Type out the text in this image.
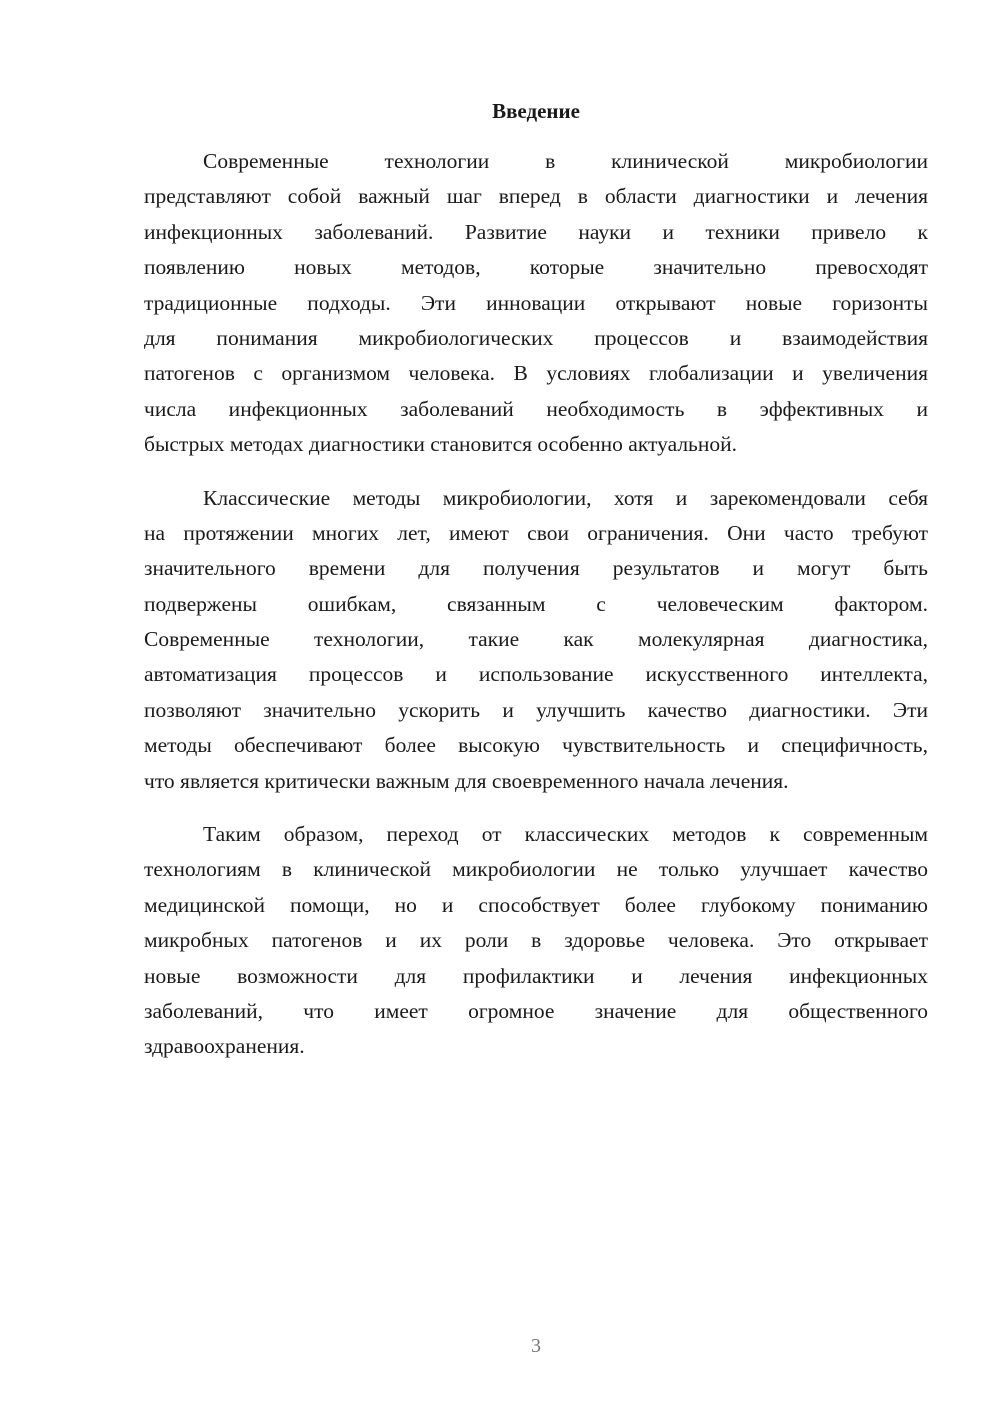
Введение
Современные технологии в клинической микробиологии
представляют собой важный шаг вперед в области диагностики и лечения
инфекционных заболеваний. Развитие науки и техники привело к
появлению новых методов, которые значительно превосходят
традиционные подходы. Эти инновации открывают новые горизонты
для понимания микробиологических процессов и взаимодействия
патогенов с организмом человека. В условиях глобализации и увеличения
числа инфекционных заболеваний необходимость в эффективных и
быстрых методах диагностики становится особенно актуальной.
Классические методы микробиологии, хотя и зарекомендовали себя
на протяжении многих лет, имеют свои ограничения. Они часто требуют
значительного времени для получения результатов и могут быть
подвержены ошибкам, связанным с человеческим фактором.
Современные технологии, такие как молекулярная диагностика,
автоматизация процессов и использование искусственного интеллекта,
позволяют значительно ускорить и улучшить качество диагностики. Эти
методы обеспечивают более высокую чувствительность и специфичность,
что является критически важным для своевременного начала лечения.
Таким образом, переход от классических методов к современным
технологиям в клинической микробиологии не только улучшает качество
медицинской помощи, но и способствует более глубокому пониманию
микробных патогенов и их роли в здоровье человека. Это открывает
новые возможности для профилактики и лечения инфекционных
заболеваний, что имеет огромное значение для общественного
здравоохранения.
3
